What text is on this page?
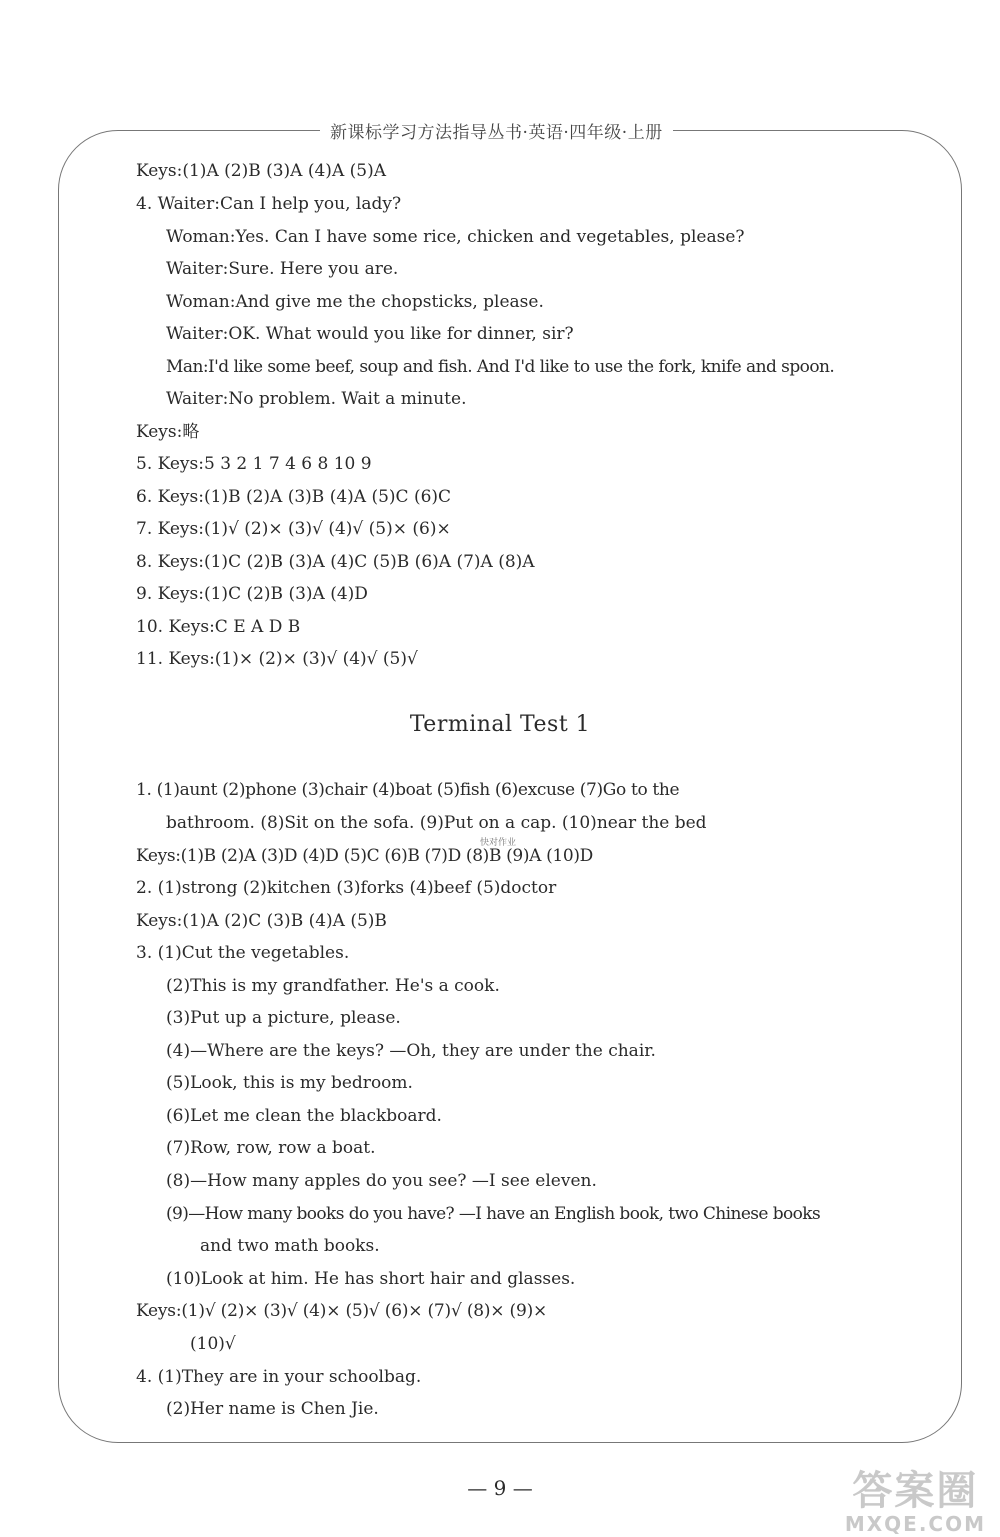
新课标学习方法指导丛书·英语·四年级·上册
Keys:(1)A (2)B (3)A (4)A (5)A
4. Waiter:Can I help you, lady?
Woman:Yes. Can I have some rice, chicken and vegetables, please?
Waiter:Sure. Here you are.
Woman:And give me the chopsticks, please.
Waiter:OK. What would you like for dinner, sir?
Man:I'd like some beef, soup and fish. And I'd like to use the fork, knife and spoon.
Waiter:No problem. Wait a minute.
Keys:略
5. Keys:5 3 2 1 7 4 6 8 10 9
6. Keys:(1)B (2)A (3)B (4)A (5)C (6)C
7. Keys:(1)√ (2)× (3)√ (4)√ (5)× (6)×
8. Keys:(1)C (2)B (3)A (4)C (5)B (6)A (7)A (8)A
9. Keys:(1)C (2)B (3)A (4)D
10. Keys:C E A D B
11. Keys:(1)× (2)× (3)√ (4)√ (5)√
Terminal Test 1
1. (1)aunt (2)phone (3)chair (4)boat (5)fish (6)excuse (7)Go to the
bathroom. (8)Sit on the sofa. (9)Put on a cap. (10)near the bed
Keys:(1)B (2)A (3)D (4)D (5)C (6)B (7)D (8)B (9)A (10)D
2. (1)strong (2)kitchen (3)forks (4)beef (5)doctor
Keys:(1)A (2)C (3)B (4)A (5)B
3. (1)Cut the vegetables.
(2)This is my grandfather. He's a cook.
(3)Put up a picture, please.
(4)—Where are the keys? —Oh, they are under the chair.
(5)Look, this is my bedroom.
(6)Let me clean the blackboard.
(7)Row, row, row a boat.
(8)—How many apples do you see? —I see eleven.
(9)—How many books do you have? —I have an English book, two Chinese books
and two math books.
(10)Look at him. He has short hair and glasses.
Keys:(1)√ (2)× (3)√ (4)× (5)√ (6)× (7)√ (8)× (9)×
(10)√
4. (1)They are in your schoolbag.
(2)Her name is Chen Jie.
快对作业
— 9 —	答案圈
MXQE.COM
